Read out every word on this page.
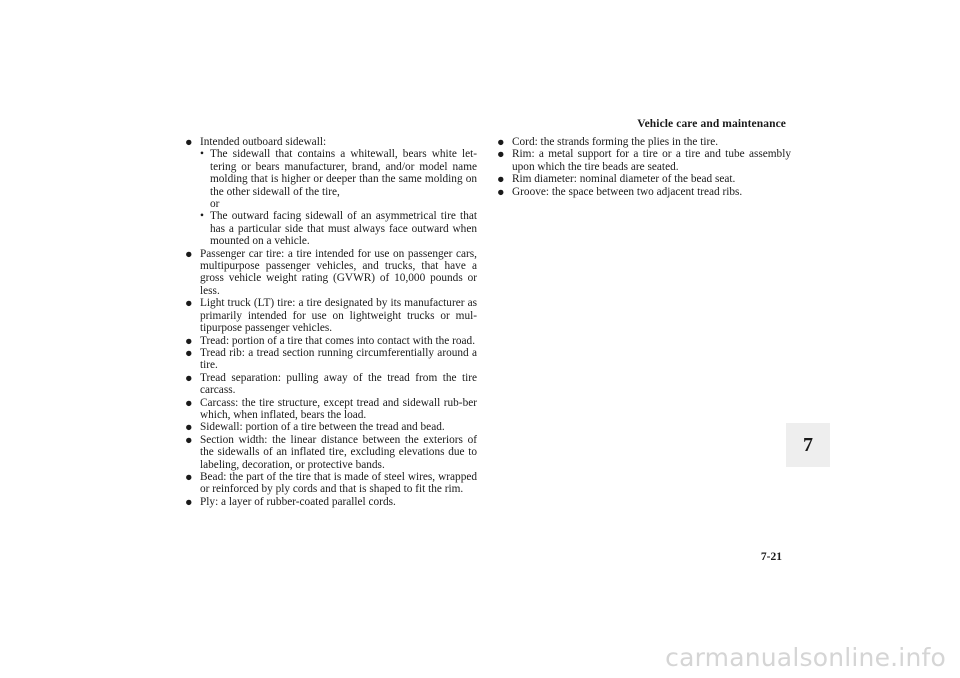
Vehicle care and maintenance
7
● Intended outboard sidewall:
• The sidewall that contains a whitewall, bears white let-tering or bears manufacturer, brand, and/or model name molding that is higher or deeper than the same molding on the other sidewall of the tire,
or
• The outward facing sidewall of an asymmetrical tire that has a particular side that must always face outward when mounted on a vehicle.
● Passenger car tire: a tire intended for use on passenger cars, multipurpose passenger vehicles, and trucks, that have a gross vehicle weight rating (GVWR) of 10,000 pounds or less.
● Light truck (LT) tire: a tire designated by its manufacturer as primarily intended for use on lightweight trucks or mul-tipurpose passenger vehicles.
● Tread: portion of a tire that comes into contact with the road.
● Tread rib: a tread section running circumferentially around a tire.
● Tread separation: pulling away of the tread from the tire carcass.
● Carcass: the tire structure, except tread and sidewall rub-ber which, when inflated, bears the load.
● Sidewall: portion of a tire between the tread and bead.
● Section width: the linear distance between the exteriors of the sidewalls of an inflated tire, excluding elevations due to labeling, decoration, or protective bands.
● Bead: the part of the tire that is made of steel wires, wrapped or reinforced by ply cords and that is shaped to fit the rim.
● Ply: a layer of rubber-coated parallel cords.
● Cord: the strands forming the plies in the tire.
● Rim: a metal support for a tire or a tire and tube assembly upon which the tire beads are seated.
● Rim diameter: nominal diameter of the bead seat.
● Groove: the space between two adjacent tread ribs.
7-21
carmanualsonline.info
